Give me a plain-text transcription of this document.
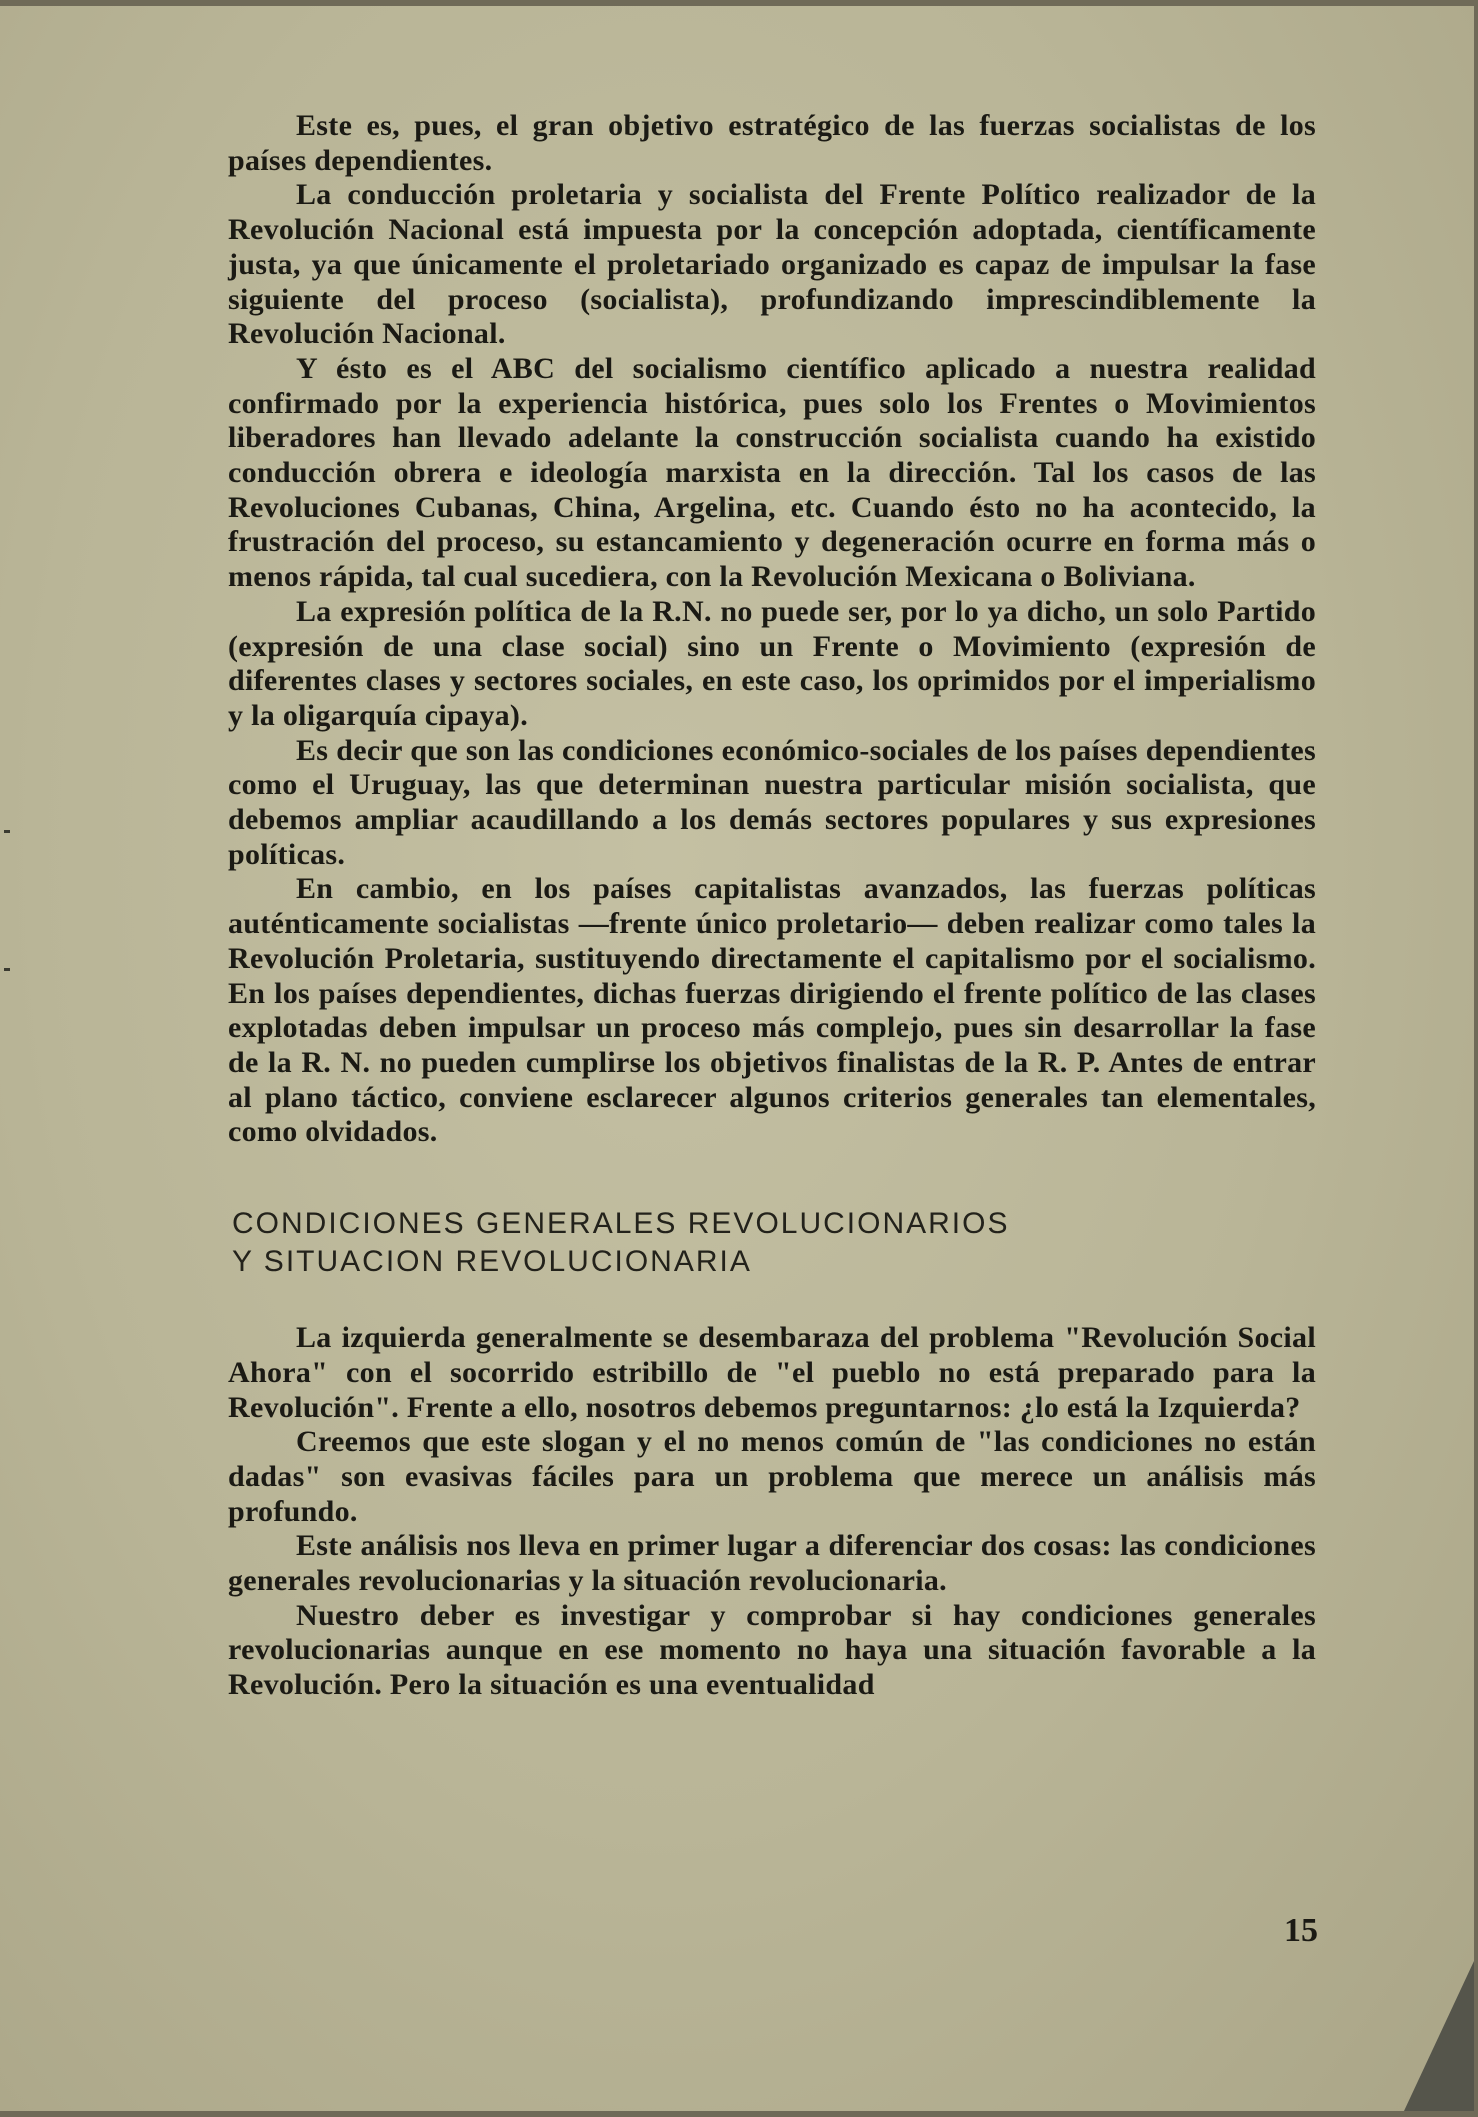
Este es, pues, el gran objetivo estratégico de las fuerzas socialistas de los países dependientes.

La conducción proletaria y socialista del Frente Político realizador de la Revolución Nacional está impuesta por la concepción adoptada, científicamente justa, ya que únicamente el proletariado organizado es capaz de impulsar la fase siguiente del proceso (socialista), profundizando imprescindiblemente la Revolución Nacional.

Y ésto es el ABC del socialismo científico aplicado a nuestra realidad confirmado por la experiencia histórica, pues solo los Frentes o Movimientos liberadores han llevado adelante la construcción socialista cuando ha existido conducción obrera e ideología marxista en la dirección. Tal los casos de las Revoluciones Cubanas, China, Argelina, etc. Cuando ésto no ha acontecido, la frustración del proceso, su estancamiento y degeneración ocurre en forma más o menos rápida, tal cual sucediera, con la Revolución Mexicana o Boliviana.

La expresión política de la R.N. no puede ser, por lo ya dicho, un solo Partido (expresión de una clase social) sino un Frente o Movimiento (expresión de diferentes clases y sectores sociales, en este caso, los oprimidos por el imperialismo y la oligarquía cipaya).

Es decir que son las condiciones económico-sociales de los países dependientes como el Uruguay, las que determinan nuestra particular misión socialista, que debemos ampliar acaudillando a los demás sectores populares y sus expresiones políticas.

En cambio, en los países capitalistas avanzados, las fuerzas políticas auténticamente socialistas —frente único proletario— deben realizar como tales la Revolución Proletaria, sustituyendo directamente el capitalismo por el socialismo. En los países dependientes, dichas fuerzas dirigiendo el frente político de las clases explotadas deben impulsar un proceso más complejo, pues sin desarrollar la fase de la R. N. no pueden cumplirse los objetivos finalistas de la R. P. Antes de entrar al plano táctico, conviene esclarecer algunos criterios generales tan elementales, como olvidados.

CONDICIONES GENERALES REVOLUCIONARIOS
Y SITUACION REVOLUCIONARIA

La izquierda generalmente se desembaraza del problema "Revolución Social Ahora" con el socorrido estribillo de "el pueblo no está preparado para la Revolución". Frente a ello, nosotros debemos preguntarnos: ¿lo está la Izquierda?

Creemos que este slogan y el no menos común de "las condiciones no están dadas" son evasivas fáciles para un problema que merece un análisis más profundo.

Este análisis nos lleva en primer lugar a diferenciar dos cosas: las condiciones generales revolucionarias y la situación revolucionaria.

Nuestro deber es investigar y comprobar si hay condiciones generales revolucionarias aunque en ese momento no haya una situación favorable a la Revolución. Pero la situación es una eventualidad

15
